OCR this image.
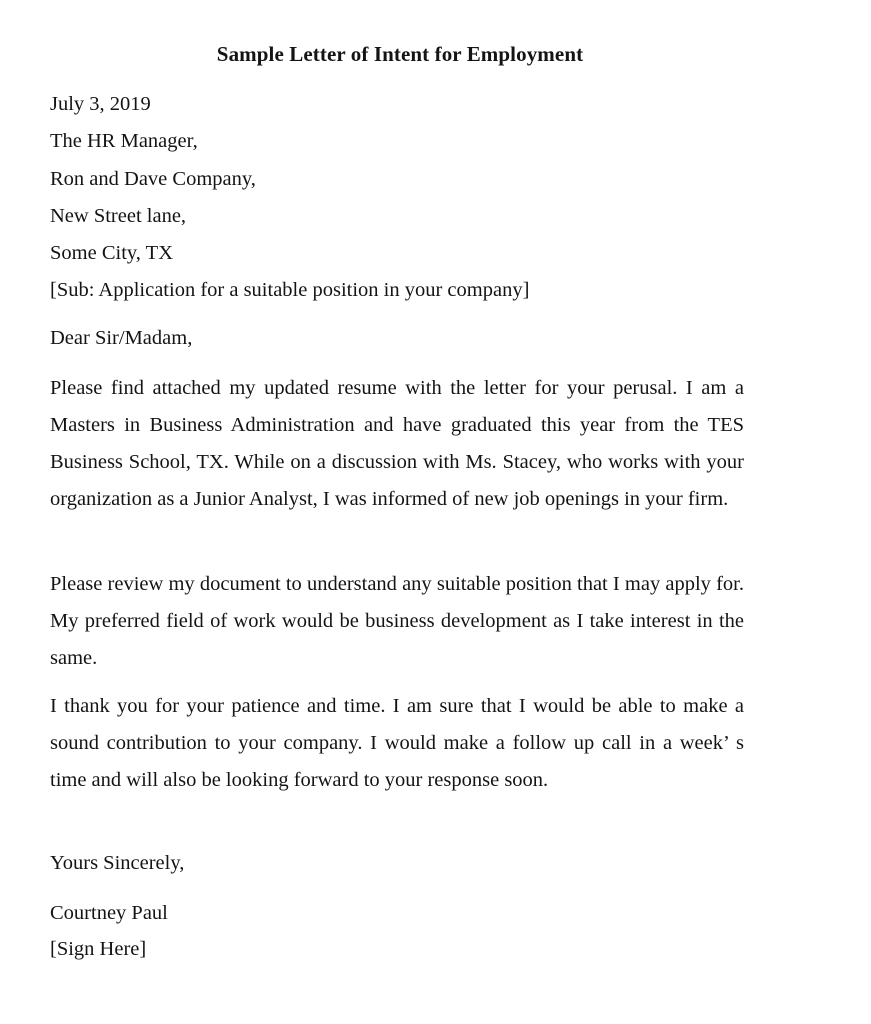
Sample Letter of Intent for Employment
July 3, 2019
The HR Manager,
Ron and Dave Company,
New Street lane,
Some City, TX
[Sub: Application for a suitable position in your company]
Dear Sir/Madam,
Please find attached my updated resume with the letter for your perusal. I am a Masters in Business Administration and have graduated this year from the TES Business School, TX. While on a discussion with Ms. Stacey, who works with your organization as a Junior Analyst, I was informed of new job openings in your firm.
Please review my document to understand any suitable position that I may apply for. My preferred field of work would be business development as I take interest in the same.
I thank you for your patience and time. I am sure that I would be able to make a sound contribution to your company. I would make a follow up call in a week’ s time and will also be looking forward to your response soon.
Yours Sincerely,
Courtney Paul
[Sign Here]
